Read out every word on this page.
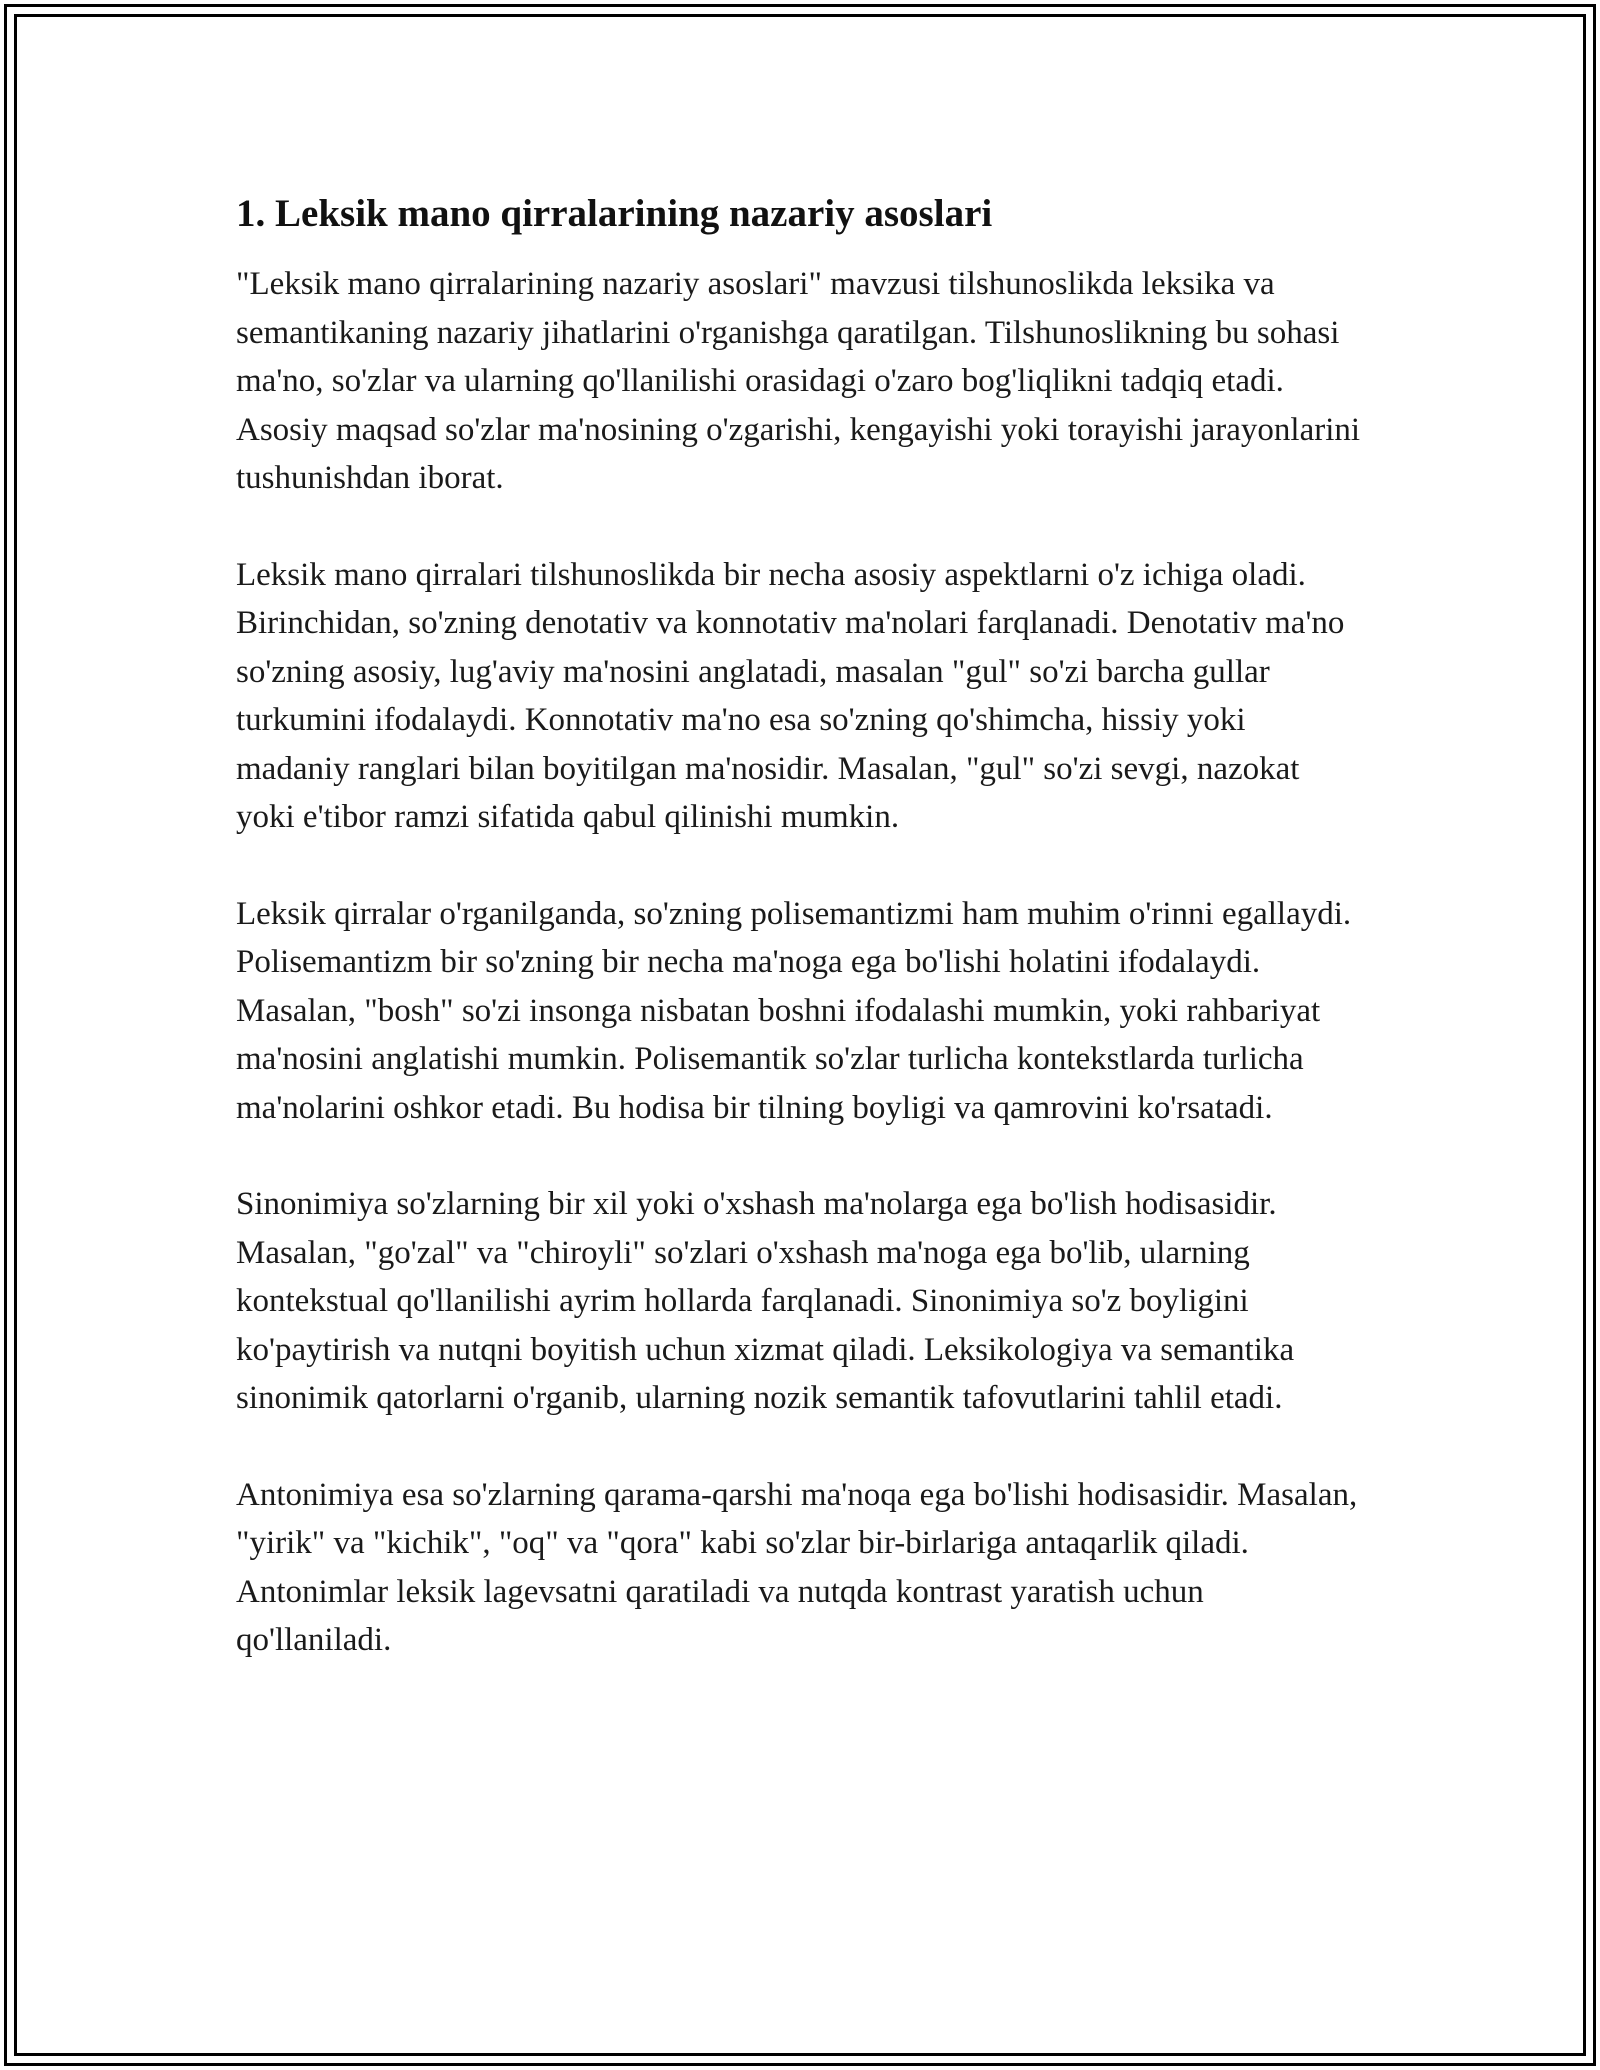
1. Leksik mano qirralarining nazariy asoslari

"Leksik mano qirralarining nazariy asoslari" mavzusi tilshunoslikda leksika va semantikaning nazariy jihatlarini o'rganishga qaratilgan. Tilshunoslikning bu sohasi ma'no, so'zlar va ularning qo'llanilishi orasidagi o'zaro bog'liqlikni tadqiq etadi. Asosiy maqsad so'zlar ma'nosining o'zgarishi, kengayishi yoki torayishi jarayonlarini tushunishdan iborat.

Leksik mano qirralari tilshunoslikda bir necha asosiy aspektlarni o'z ichiga oladi. Birinchidan, so'zning denotativ va konnotativ ma'nolari farqlanadi. Denotativ ma'no so'zning asosiy, lug'aviy ma'nosini anglatadi, masalan "gul" so'zi barcha gullar turkumini ifodalaydi. Konnotativ ma'no esa so'zning qo'shimcha, hissiy yoki madaniy ranglari bilan boyitilgan ma'nosidir. Masalan, "gul" so'zi sevgi, nazokat yoki e'tibor ramzi sifatida qabul qilinishi mumkin.

Leksik qirralar o'rganilganda, so'zning polisemantizmi ham muhim o'rinni egallaydi. Polisemantizm bir so'zning bir necha ma'noga ega bo'lishi holatini ifodalaydi. Masalan, "bosh" so'zi insonga nisbatan boshni ifodalashi mumkin, yoki rahbariyat ma'nosini anglatishi mumkin. Polisemantik so'zlar turlicha kontekstlarda turlicha ma'nolarini oshkor etadi. Bu hodisa bir tilning boyligi va qamrovini ko'rsatadi.

Sinonimiya so'zlarning bir xil yoki o'xshash ma'nolarga ega bo'lish hodisasidir. Masalan, "go'zal" va "chiroyli" so'zlari o'xshash ma'noga ega bo'lib, ularning kontekstual qo'llanilishi ayrim hollarda farqlanadi. Sinonimiya so'z boyligini ko'paytirish va nutqni boyitish uchun xizmat qiladi. Leksikologiya va semantika sinonimik qatorlarni o'rganib, ularning nozik semantik tafovutlarini tahlil etadi.

Antonimiya esa so'zlarning qarama-qarshi ma'noqa ega bo'lishi hodisasidir. Masalan, "yirik" va "kichik", "oq" va "qora" kabi so'zlar bir-birlariga antaqarlik qiladi. Antonimlar leksik lagevsatni qaratiladi va nutqda kontrast yaratish uchun qo'llaniladi.
